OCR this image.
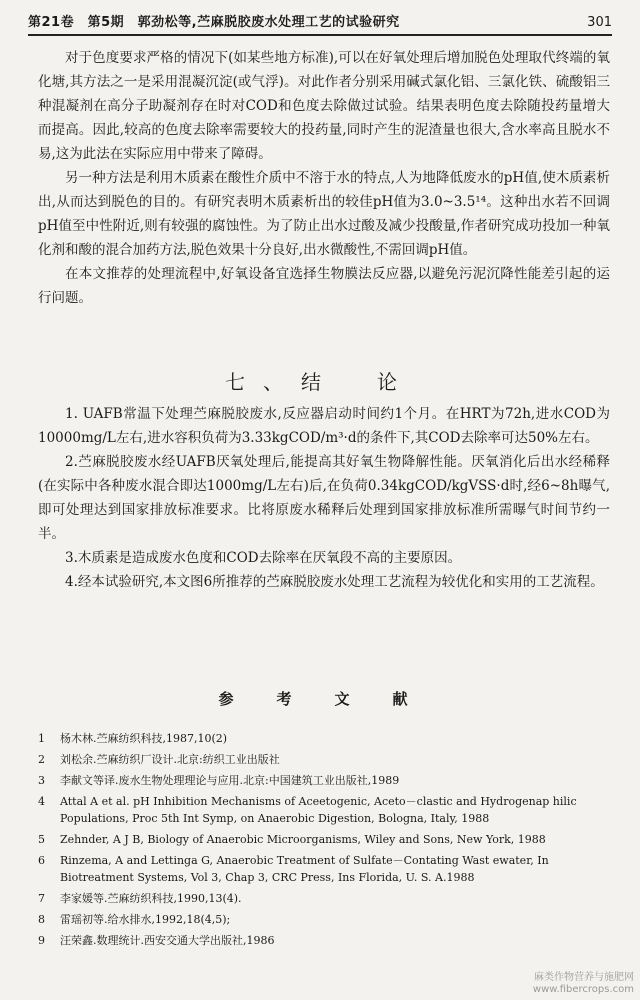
第21卷　第5期　郭劲松等,苎麻脱胶废水处理工艺的试验研究	301

对于色度要求严格的情况下(如某些地方标准),可以在好氧处理后增加脱色处理取代终端的氧化塘,其方法之一是采用混凝沉淀(或气浮)。对此作者分别采用碱式氯化铝、三氯化铁、硫酸铝三种混凝剂在高分子助凝剂存在时对COD和色度去除做过试验。结果表明色度去除随投药量增大而提高。因此,较高的色度去除率需要较大的投药量,同时产生的泥渣量也很大,含水率高且脱水不易,这为此法在实际应用中带来了障碍。

另一种方法是利用木质素在酸性介质中不溶于水的特点,人为地降低废水的pH值,使木质素析出,从而达到脱色的目的。有研究表明木质素析出的较佳pH值为3.0~3.5¹⁴。这种出水若不回调pH值至中性附近,则有较强的腐蚀性。为了防止出水过酸及减少投酸量,作者研究成功投加一种氧化剂和酸的混合加药方法,脱色效果十分良好,出水微酸性,不需回调pH值。

在本文推荐的处理流程中,好氧设备宜选择生物膜法反应器,以避免污泥沉降性能差引起的运行问题。

七、结　论

1. UAFB常温下处理苎麻脱胶废水,反应器启动时间约1个月。在HRT为72h,进水COD为10000mg/L左右,进水容积负荷为3.33kgCOD/m³·d的条件下,其COD去除率可达50%左右。

2.苎麻脱胶废水经UAFB厌氧处理后,能提高其好氧生物降解性能。厌氧消化后出水经稀释(在实际中各种废水混合即达1000mg/L左右)后,在负荷0.34kgCOD/kgVSS·d时,经6~8h曝气,即可处理达到国家排放标准要求。比将原废水稀释后处理到国家排放标准所需曝气时间节约一半。

3.木质素是造成废水色度和COD去除率在厌氧段不高的主要原因。

4.经本试验研究,本文图6所推荐的苎麻脱胶废水处理工艺流程为较优化和实用的工艺流程。

参　考　文　献
1	杨木林.苎麻纺织科技,1987,10(2)
2	刘松余.苎麻纺织厂设计.北京:纺织工业出版社
3	李献文等译.废水生物处理理论与应用.北京:中国建筑工业出版社,1989
4	Attal A et al. pH Inhibition Mechanisms of Aceetogenic, Aceto－clastic and Hydrogenap hilic Populations, Proc 5th Int Symp, on Anaerobic Digestion, Bologna, Italy, 1988
5	Zehnder, A J B, Biology of Anaerobic Microorganisms, Wiley and Sons, New York, 1988
6	Rinzema, A and Lettinga G, Anaerobic Treatment of Sulfate－Contating Wast ewater, In Biotreatment Systems, Vol 3, Chap 3, CRC Press, Ins Florida, U. S. A.1988
7	李家媛等.苎麻纺织科技,1990,13(4).
8	雷瑶初等.给水排水,1992,18(4,5);
9	汪荣鑫.数理统计.西安交通大学出版社,1986
麻类作物营养与施肥网
www.fibercrops.com
